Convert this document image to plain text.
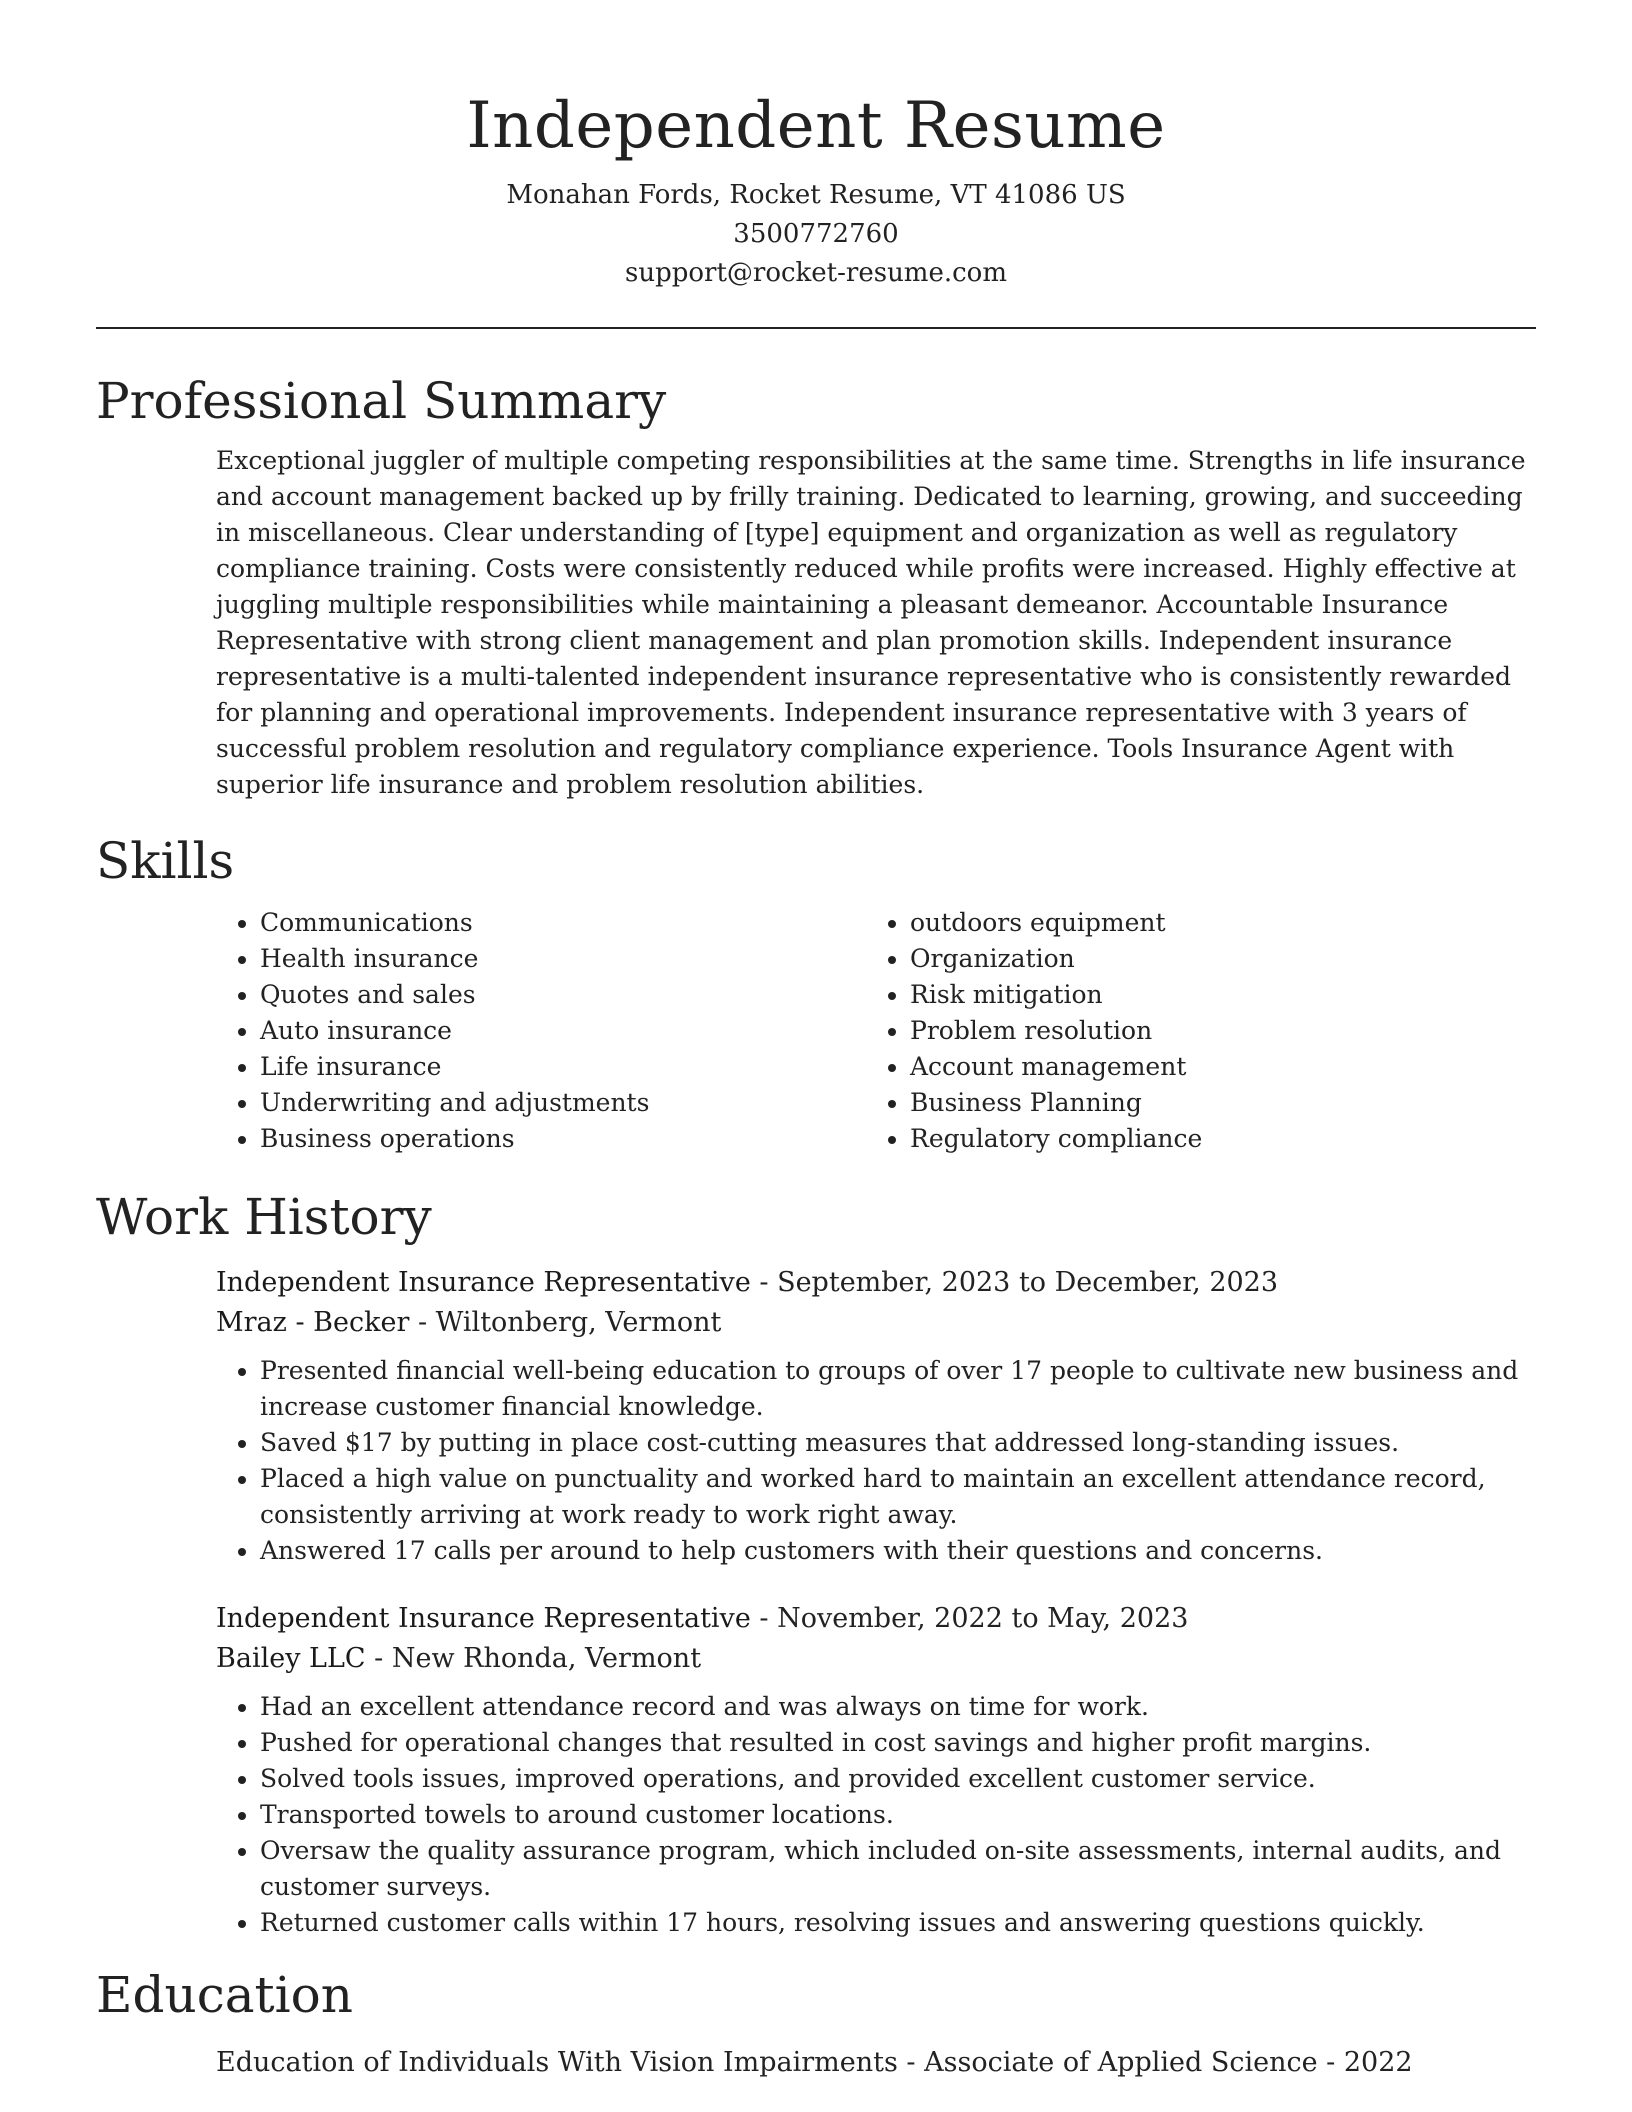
Independent Resume
Monahan Fords, Rocket Resume, VT 41086 US
3500772760
support@rocket-resume.com
Professional Summary
Exceptional juggler of multiple competing responsibilities at the same time. Strengths in life insurance and account management backed up by frilly training. Dedicated to learning, growing, and succeeding in miscellaneous. Clear understanding of [type] equipment and organization as well as regulatory compliance training. Costs were consistently reduced while profits were increased. Highly effective at juggling multiple responsibilities while maintaining a pleasant demeanor. Accountable Insurance Representative with strong client management and plan promotion skills. Independent insurance representative is a multi-talented independent insurance representative who is consistently rewarded for planning and operational improvements. Independent insurance representative with 3 years of successful problem resolution and regulatory compliance experience. Tools Insurance Agent with superior life insurance and problem resolution abilities.
Skills
• Communications
• Health insurance
• Quotes and sales
• Auto insurance
• Life insurance
• Underwriting and adjustments
• Business operations
• outdoors equipment
• Organization
• Risk mitigation
• Problem resolution
• Account management
• Business Planning
• Regulatory compliance
Work History
Independent Insurance Representative - September, 2023 to December, 2023
Mraz - Becker - Wiltonberg, Vermont
• Presented financial well-being education to groups of over 17 people to cultivate new business and increase customer financial knowledge.
• Saved $17 by putting in place cost-cutting measures that addressed long-standing issues.
• Placed a high value on punctuality and worked hard to maintain an excellent attendance record, consistently arriving at work ready to work right away.
• Answered 17 calls per around to help customers with their questions and concerns.
Independent Insurance Representative - November, 2022 to May, 2023
Bailey LLC - New Rhonda, Vermont
• Had an excellent attendance record and was always on time for work.
• Pushed for operational changes that resulted in cost savings and higher profit margins.
• Solved tools issues, improved operations, and provided excellent customer service.
• Transported towels to around customer locations.
• Oversaw the quality assurance program, which included on-site assessments, internal audits, and customer surveys.
• Returned customer calls within 17 hours, resolving issues and answering questions quickly.
Education
Education of Individuals With Vision Impairments - Associate of Applied Science - 2022
